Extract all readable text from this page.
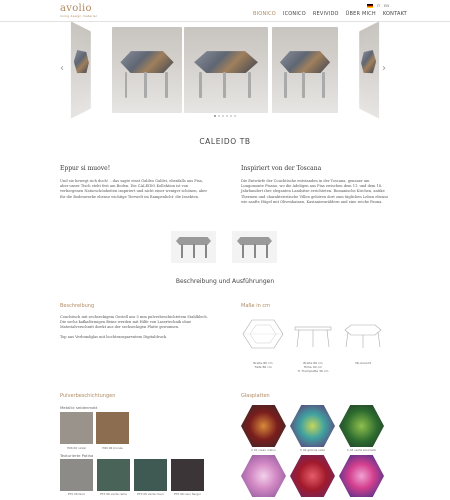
avolio
living design material
IT EN
BIONICO ICONICO REVIVIDO ÜBER MICH KONTAKT
‹	›
CALEIDO TB
Eppur si muove!

Und sie bewegt sich doch! ...das sagte einst Galileo Galilei, ebenfalls aus Pisa, aber unser Tisch steht fest am Boden. Die CALEIDO Kollektion ist von verborgenen Naturschönheiten inspiriert und nicht einer weniger schönen, aber für die Bodenwerke ebenso wichtige Tierwelt im Rampenlicht: die Insekten.

Inspiriert von der Toscana

Die Entwürfe der Couchtische entstanden in der Toscana, genauer am Lungomonte Pisano, wo die Adeligen aus Pisa zwischen dem 11. und dem 18. Jahrhundert ihre eleganten Landsitze errichteten. Romanische Kirchen, antike Thermen und charakteristische Villen gehören dort zum täglichen Leben ebenso wie sanfte Hügel mit Olivenhainen, Kastanienwäldern und eine reiche Fauna.

Beschreibung und Ausführungen
Beschreibung

Couchtisch mit sechseckigem Gestell aus 5 mm pulverbeschichtetem Stahlblech. Die sechs kafkaförmigen Beine werden mit Hilfe von Lasertechnik ohne Materialverschnitt direkt aus der sechseckigen Platte gewonnen.

Top aus Verbundglas mit hochtransparentem Digitaldruck.

Maße in cm
Breite 86 cm
Tiefe 86 cm
Breite 86 cm
Höhe 40 cm
H. Tischplatte 36 cm
3D-Ansicht
Pulverbeschichtungen
Metallic seidenmatt
H06 06 nickel	H06 06 bronze
Texturierte Patina
PTX 06 ferro	PTX 06 verde rame	PTX 06 verde muro	PTX 06 nero fangor
Glasplatten
C 01 rosso rubino	C 02 glicinia viola	C 03 verde smeraldo
